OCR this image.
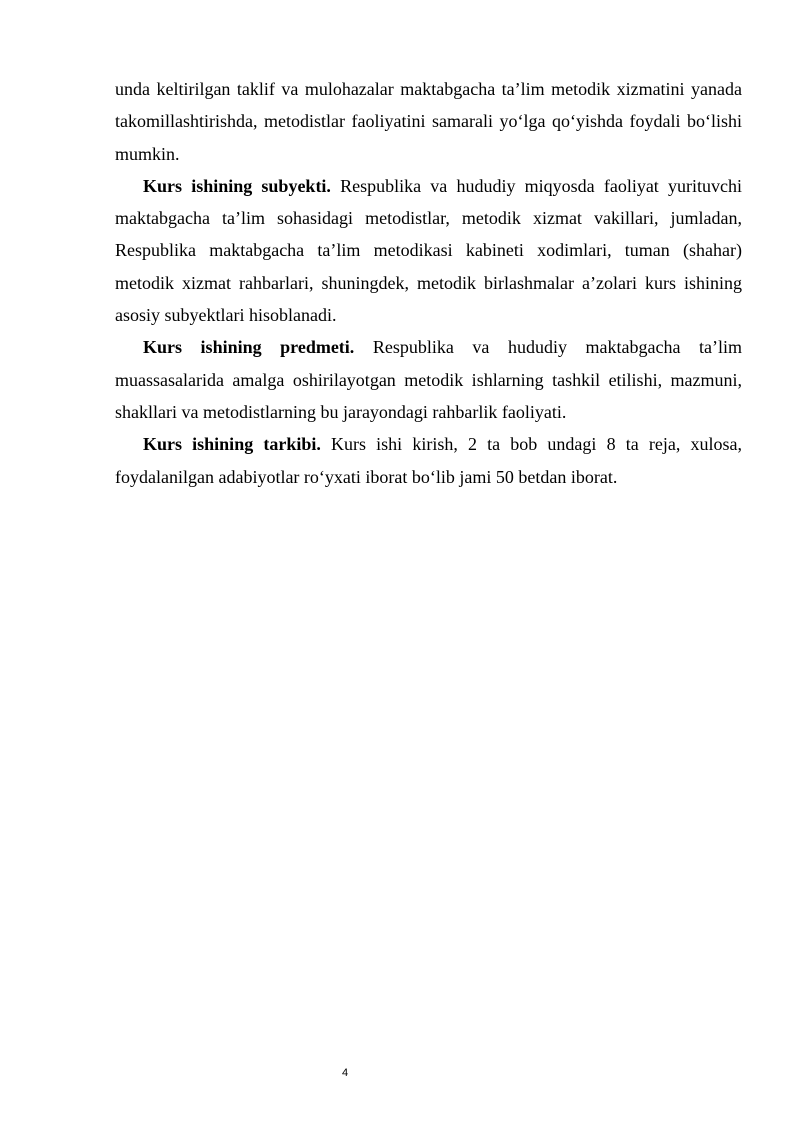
unda keltirilgan taklif va mulohazalar maktabgacha ta’lim metodik xizmatini yanada takomillashtirishda, metodistlar faoliyatini samarali yo‘lga qo‘yishda foydali bo‘lishi mumkin.

Kurs ishining subyekti. Respublika va hududiy miqyosda faoliyat yurituvchi maktabgacha ta’lim sohasidagi metodistlar, metodik xizmat vakillari, jumladan, Respublika maktabgacha ta’lim metodikasi kabineti xodimlari, tuman (shahar) metodik xizmat rahbarlari, shuningdek, metodik birlashmalar a’zolari kurs ishining asosiy subyektlari hisoblanadi.

Kurs ishining predmeti. Respublika va hududiy maktabgacha ta’lim muassasalarida amalga oshirilayotgan metodik ishlarning tashkil etilishi, mazmuni, shakllari va metodistlarning bu jarayondagi rahbarlik faoliyati.

Kurs ishining tarkibi. Kurs ishi kirish, 2 ta bob undagi 8 ta reja, xulosa, foydalanilgan adabiyotlar ro‘yxati iborat bo‘lib jami 50 betdan iborat.

4
